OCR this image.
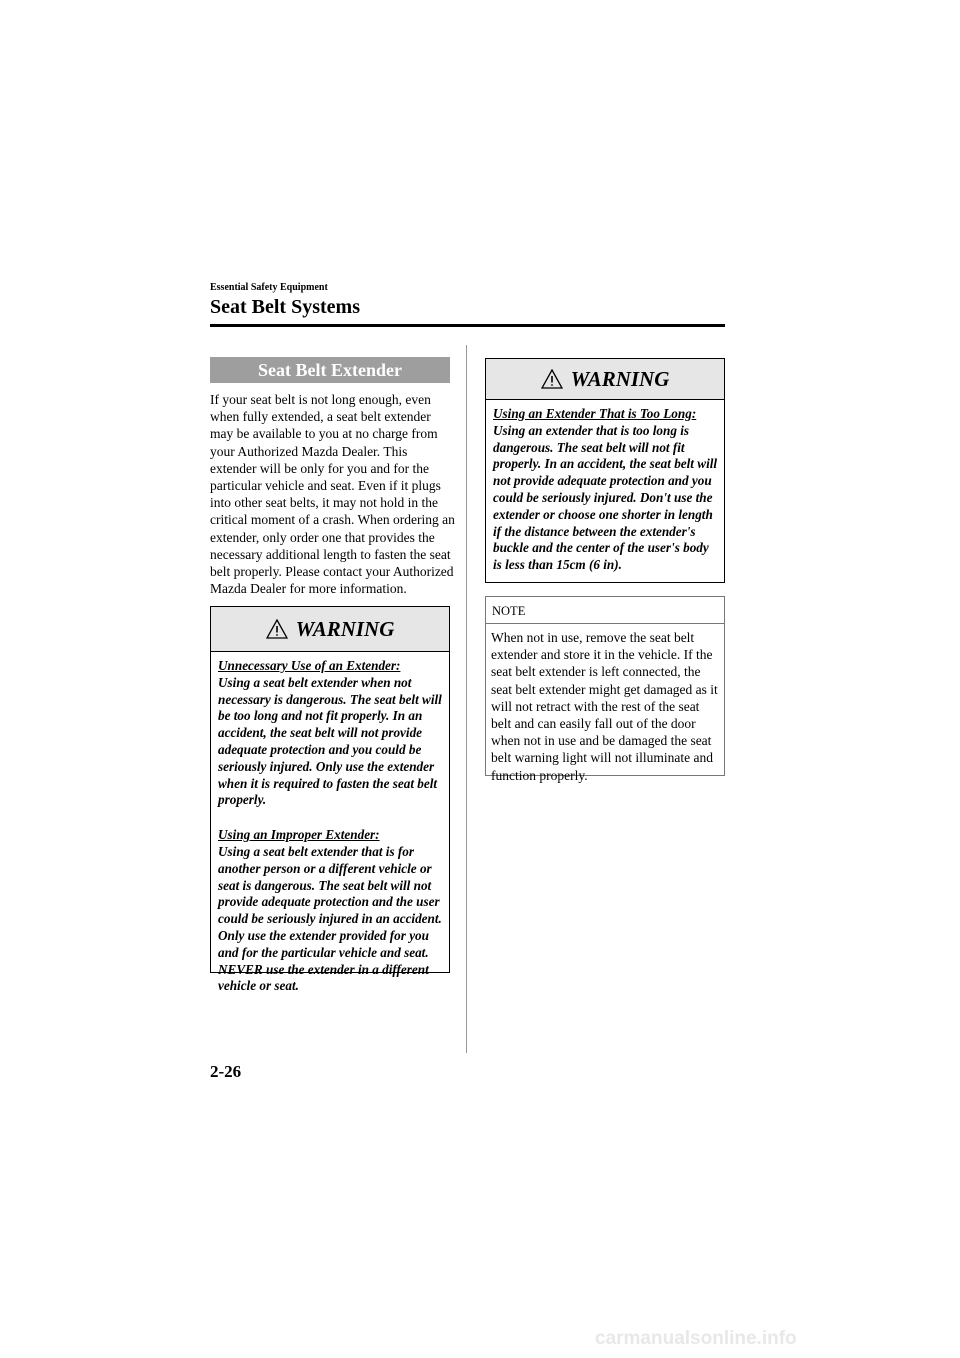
Essential Safety Equipment
Seat Belt Systems
Seat Belt Extender
If your seat belt is not long enough, even when fully extended, a seat belt extender may be available to you at no charge from your Authorized Mazda Dealer. This extender will be only for you and for the particular vehicle and seat. Even if it plugs into other seat belts, it may not hold in the critical moment of a crash. When ordering an extender, only order one that provides the necessary additional length to fasten the seat belt properly. Please contact your Authorized Mazda Dealer for more information.
WARNING

Unnecessary Use of an Extender:
Using a seat belt extender when not necessary is dangerous. The seat belt will be too long and not fit properly. In an accident, the seat belt will not provide adequate protection and you could be seriously injured. Only use the extender when it is required to fasten the seat belt properly.

Using an Improper Extender:
Using a seat belt extender that is for another person or a different vehicle or seat is dangerous. The seat belt will not provide adequate protection and the user could be seriously injured in an accident. Only use the extender provided for you and for the particular vehicle and seat. NEVER use the extender in a different vehicle or seat.

WARNING

Using an Extender That is Too Long:
Using an extender that is too long is dangerous. The seat belt will not fit properly. In an accident, the seat belt will not provide adequate protection and you could be seriously injured. Don't use the extender or choose one shorter in length if the distance between the extender's buckle and the center of the user's body is less than 15cm (6 in).

NOTE
When not in use, remove the seat belt extender and store it in the vehicle. If the seat belt extender is left connected, the seat belt extender might get damaged as it will not retract with the rest of the seat belt and can easily fall out of the door when not in use and be damaged the seat belt warning light will not illuminate and function properly.
2-26
carmanualsonline.info
